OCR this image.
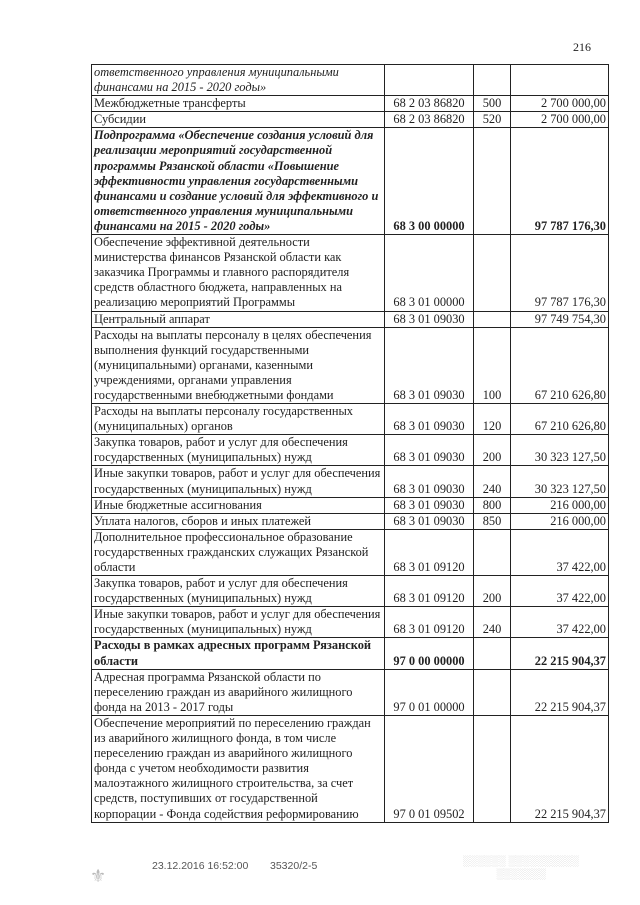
216
ответственного управления муниципальными финансами на 2015 - 2020 годы»			
Межбюджетные трансферты	68 2 03 86820	500	2 700 000,00
Субсидии	68 2 03 86820	520	2 700 000,00
Подпрограмма «Обеспечение создания условий для реализации мероприятий государственной программы Рязанской области «Повышение эффективности управления государственными финансами и создание условий для эффективного и ответственного управления муниципальными финансами на 2015 - 2020 годы»	68 3 00 00000		97 787 176,30
Обеспечение эффективной деятельности министерства финансов Рязанской области как заказчика Программы и главного распорядителя средств областного бюджета, направленных на реализацию мероприятий Программы	68 3 01 00000		97 787 176,30
Центральный аппарат	68 3 01 09030		97 749 754,30
Расходы на выплаты персоналу в целях обеспечения выполнения функций государственными (муниципальными) органами, казенными учреждениями, органами управления государственными внебюджетными фондами	68 3 01 09030	100	67 210 626,80
Расходы на выплаты персоналу государственных (муниципальных) органов	68 3 01 09030	120	67 210 626,80
Закупка товаров, работ и услуг для обеспечения государственных (муниципальных) нужд	68 3 01 09030	200	30 323 127,50
Иные закупки товаров, работ и услуг для обеспечения государственных (муниципальных) нужд	68 3 01 09030	240	30 323 127,50
Иные бюджетные ассигнования	68 3 01 09030	800	216 000,00
Уплата налогов, сборов и иных платежей	68 3 01 09030	850	216 000,00
Дополнительное профессиональное образование государственных гражданских служащих Рязанской области	68 3 01 09120		37 422,00
Закупка товаров, работ и услуг для обеспечения государственных (муниципальных) нужд	68 3 01 09120	200	37 422,00
Иные закупки товаров, работ и услуг для обеспечения государственных (муниципальных) нужд	68 3 01 09120	240	37 422,00
Расходы в рамках адресных программ Рязанской области	97 0 00 00000		22 215 904,37
Адресная программа Рязанской области по переселению граждан из аварийного жилищного фонда на 2013 - 2017 годы	97 0 01 00000		22 215 904,37
Обеспечение мероприятий по переселению граждан из аварийного жилищного фонда, в том числе переселению граждан из аварийного жилищного фонда с учетом необходимости развития малоэтажного жилищного строительства, за счет средств, поступивших от государственной корпорации - Фонда содействия реформированию	97 0 01 09502		22 215 904,37
⚜	23.12.2016 16:52:00 35320/2-5	░░░░░░ ░░░░░░░░░░
░░░░░░░
